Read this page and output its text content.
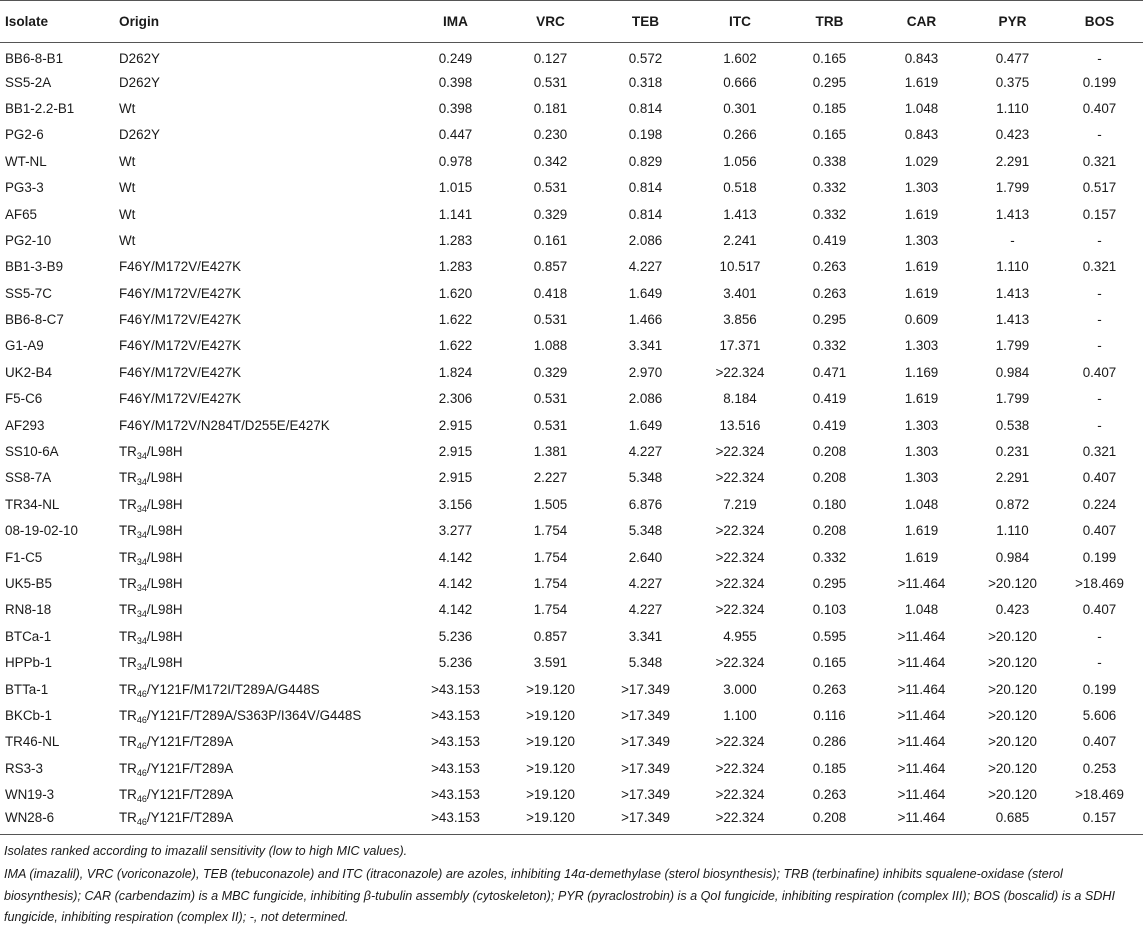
Isolate	Origin	IMA	VRC	TEB	ITC	TRB	CAR	PYR	BOS
BB6-8-B1	D262Y	0.249	0.127	0.572	1.602	0.165	0.843	0.477	-
SS5-2A	D262Y	0.398	0.531	0.318	0.666	0.295	1.619	0.375	0.199
BB1-2.2-B1	Wt	0.398	0.181	0.814	0.301	0.185	1.048	1.110	0.407
PG2-6	D262Y	0.447	0.230	0.198	0.266	0.165	0.843	0.423	-
WT-NL	Wt	0.978	0.342	0.829	1.056	0.338	1.029	2.291	0.321
PG3-3	Wt	1.015	0.531	0.814	0.518	0.332	1.303	1.799	0.517
AF65	Wt	1.141	0.329	0.814	1.413	0.332	1.619	1.413	0.157
PG2-10	Wt	1.283	0.161	2.086	2.241	0.419	1.303	-	-
BB1-3-B9	F46Y/M172V/E427K	1.283	0.857	4.227	10.517	0.263	1.619	1.110	0.321
SS5-7C	F46Y/M172V/E427K	1.620	0.418	1.649	3.401	0.263	1.619	1.413	-
BB6-8-C7	F46Y/M172V/E427K	1.622	0.531	1.466	3.856	0.295	0.609	1.413	-
G1-A9	F46Y/M172V/E427K	1.622	1.088	3.341	17.371	0.332	1.303	1.799	-
UK2-B4	F46Y/M172V/E427K	1.824	0.329	2.970	>22.324	0.471	1.169	0.984	0.407
F5-C6	F46Y/M172V/E427K	2.306	0.531	2.086	8.184	0.419	1.619	1.799	-
AF293	F46Y/M172V/N284T/D255E/E427K	2.915	0.531	1.649	13.516	0.419	1.303	0.538	-
SS10-6A	$TR_{34}/L98H$	2.915	1.381	4.227	>22.324	0.208	1.303	0.231	0.321
SS8-7A	$TR_{34}/L98H$	2.915	2.227	5.348	>22.324	0.208	1.303	2.291	0.407
TR34-NL	$TR_{34}/L98H$	3.156	1.505	6.876	7.219	0.180	1.048	0.872	0.224
08-19-02-10	$TR_{34}/L98H$	3.277	1.754	5.348	>22.324	0.208	1.619	1.110	0.407
F1-C5	$TR_{34}/L98H$	4.142	1.754	2.640	>22.324	0.332	1.619	0.984	0.199
UK5-B5	$TR_{34}/L98H$	4.142	1.754	4.227	>22.324	0.295	>11.464	>20.120	>18.469
RN8-18	$TR_{34}/L98H$	4.142	1.754	4.227	>22.324	0.103	1.048	0.423	0.407
BTCa-1	$TR_{34}/L98H$	5.236	0.857	3.341	4.955	0.595	>11.464	>20.120	-
HPPb-1	$TR_{34}/L98H$	5.236	3.591	5.348	>22.324	0.165	>11.464	>20.120	-
BTTa-1	$TR_{46}/Y121F/M172I/T289A/G448S$	>43.153	>19.120	>17.349	3.000	0.263	>11.464	>20.120	0.199
BKCb-1	$TR_{46}/Y121F/T289A/S363P/I364V/G448S$	>43.153	>19.120	>17.349	1.100	0.116	>11.464	>20.120	5.606
TR46-NL	$TR_{46}/Y121F/T289A$	>43.153	>19.120	>17.349	>22.324	0.286	>11.464	>20.120	0.407
RS3-3	$TR_{46}/Y121F/T289A$	>43.153	>19.120	>17.349	>22.324	0.185	>11.464	>20.120	0.253
WN19-3	$TR_{46}/Y121F/T289A$	>43.153	>19.120	>17.349	>22.324	0.263	>11.464	>20.120	>18.469
WN28-6	$TR_{46}/Y121F/T289A$	>43.153	>19.120	>17.349	>22.324	0.208	>11.464	0.685	0.157

Isolates ranked according to imazalil sensitivity (low to high MIC values).

IMA (imazalil), VRC (voriconazole), TEB (tebuconazole) and ITC (itraconazole) are azoles, inhibiting 14α-demethylase (sterol biosynthesis); TRB (terbinafine) inhibits squalene-oxidase (sterol biosynthesis); CAR (carbendazim) is a MBC fungicide, inhibiting β-tubulin assembly (cytoskeleton); PYR (pyraclostrobin) is a QoI fungicide, inhibiting respiration (complex III); BOS (boscalid) is a SDHI fungicide, inhibiting respiration (complex II); -, not determined.
